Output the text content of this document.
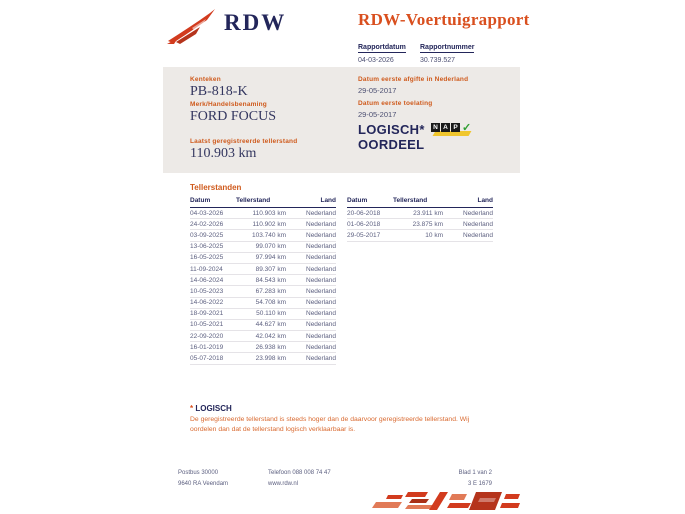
RDW	RDW-Voertuigrapport
Rapportdatum
04-03-2026
Rapportnummer
30.739.527
Kenteken
PB-818-K
Merk/Handelsbenaming
FORD FOCUS
Laatst geregistreerde tellerstand
110.903 km
Datum eerste afgifte in Nederland
29-05-2017
Datum eerste toelating
29-05-2017
LOGISCH*
OORDEEL
N A P ✓
Tellerstanden
Datum	Tellerstand	Land
04-03-2026	110.903 km	Nederland
24-02-2026	110.902 km	Nederland
03-09-2025	103.740 km	Nederland
13-06-2025	99.070 km	Nederland
16-05-2025	97.994 km	Nederland
11-09-2024	89.307 km	Nederland
14-06-2024	84.543 km	Nederland
10-05-2023	67.283 km	Nederland
14-06-2022	54.708 km	Nederland
18-09-2021	50.110 km	Nederland
10-05-2021	44.627 km	Nederland
22-09-2020	42.042 km	Nederland
16-01-2019	26.938 km	Nederland
05-07-2018	23.998 km	Nederland
Datum	Tellerstand	Land
20-06-2018	23.911 km	Nederland
01-06-2018	23.875 km	Nederland
29-05-2017	10 km	Nederland
* LOGISCH
De geregistreerde tellerstand is steeds hoger dan de daarvoor geregistreerde tellerstand. Wij oordelen dan dat de tellerstand logisch verklaarbaar is.
Postbus 30000
9640 RA Veendam
Telefoon 088 008 74 47
www.rdw.nl
Blad 1 van 2
3 E 1679
